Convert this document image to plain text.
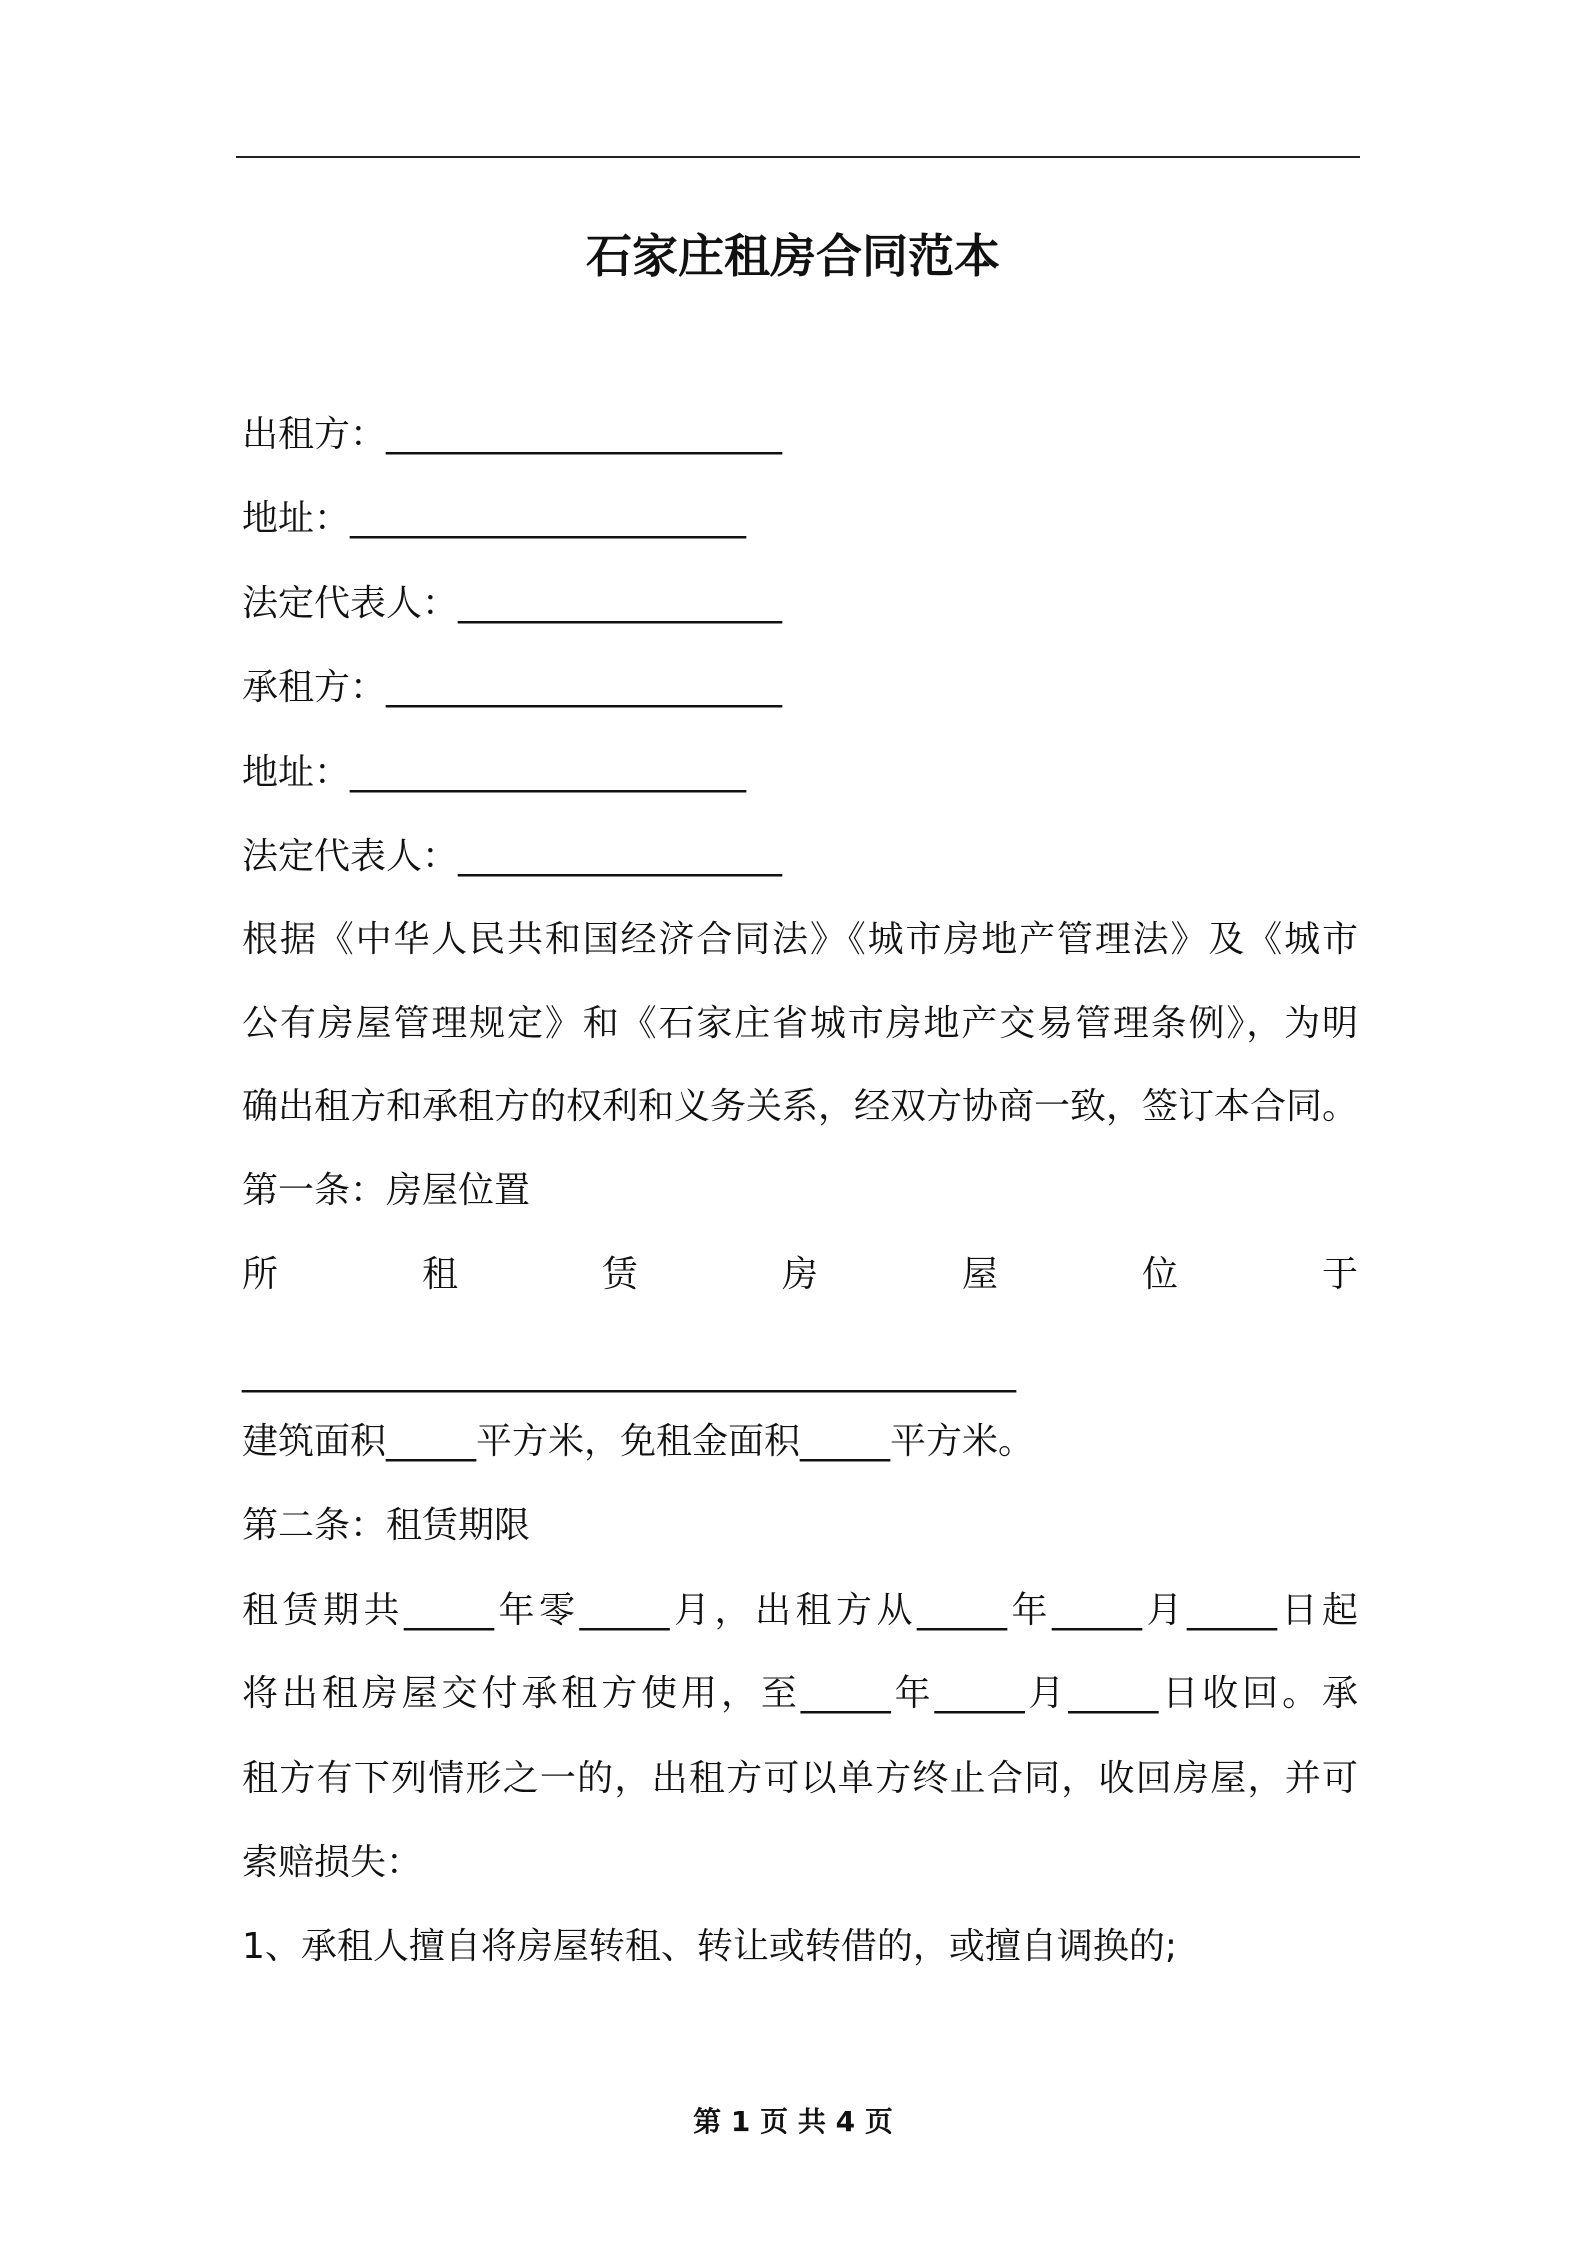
石家庄租房合同范本
出租方：______________________
地址：______________________
法定代表人：__________________
承租方：______________________
地址：______________________
法定代表人：__________________
根据《中华人民共和国经济合同法》《城市房地产管理法》及《城市
公有房屋管理规定》和《石家庄省城市房地产交易管理条例》，为明
确出租方和承租方的权利和义务关系，经双方协商一致，签订本合同。
第一条：房屋位置
所 租 赁 房 屋 位 于
___________________________________________
建筑面积_____平方米，免租金面积_____平方米。
第二条：租赁期限
租赁期共_____年零_____月，出租方从_____年_____月_____日起
将出租房屋交付承租方使用，至_____年_____月_____日收回。承
租方有下列情形之一的，出租方可以单方终止合同，收回房屋，并可
索赔损失：
1、承租人擅自将房屋转租、转让或转借的，或擅自调换的;
第 1 页 共 4 页
